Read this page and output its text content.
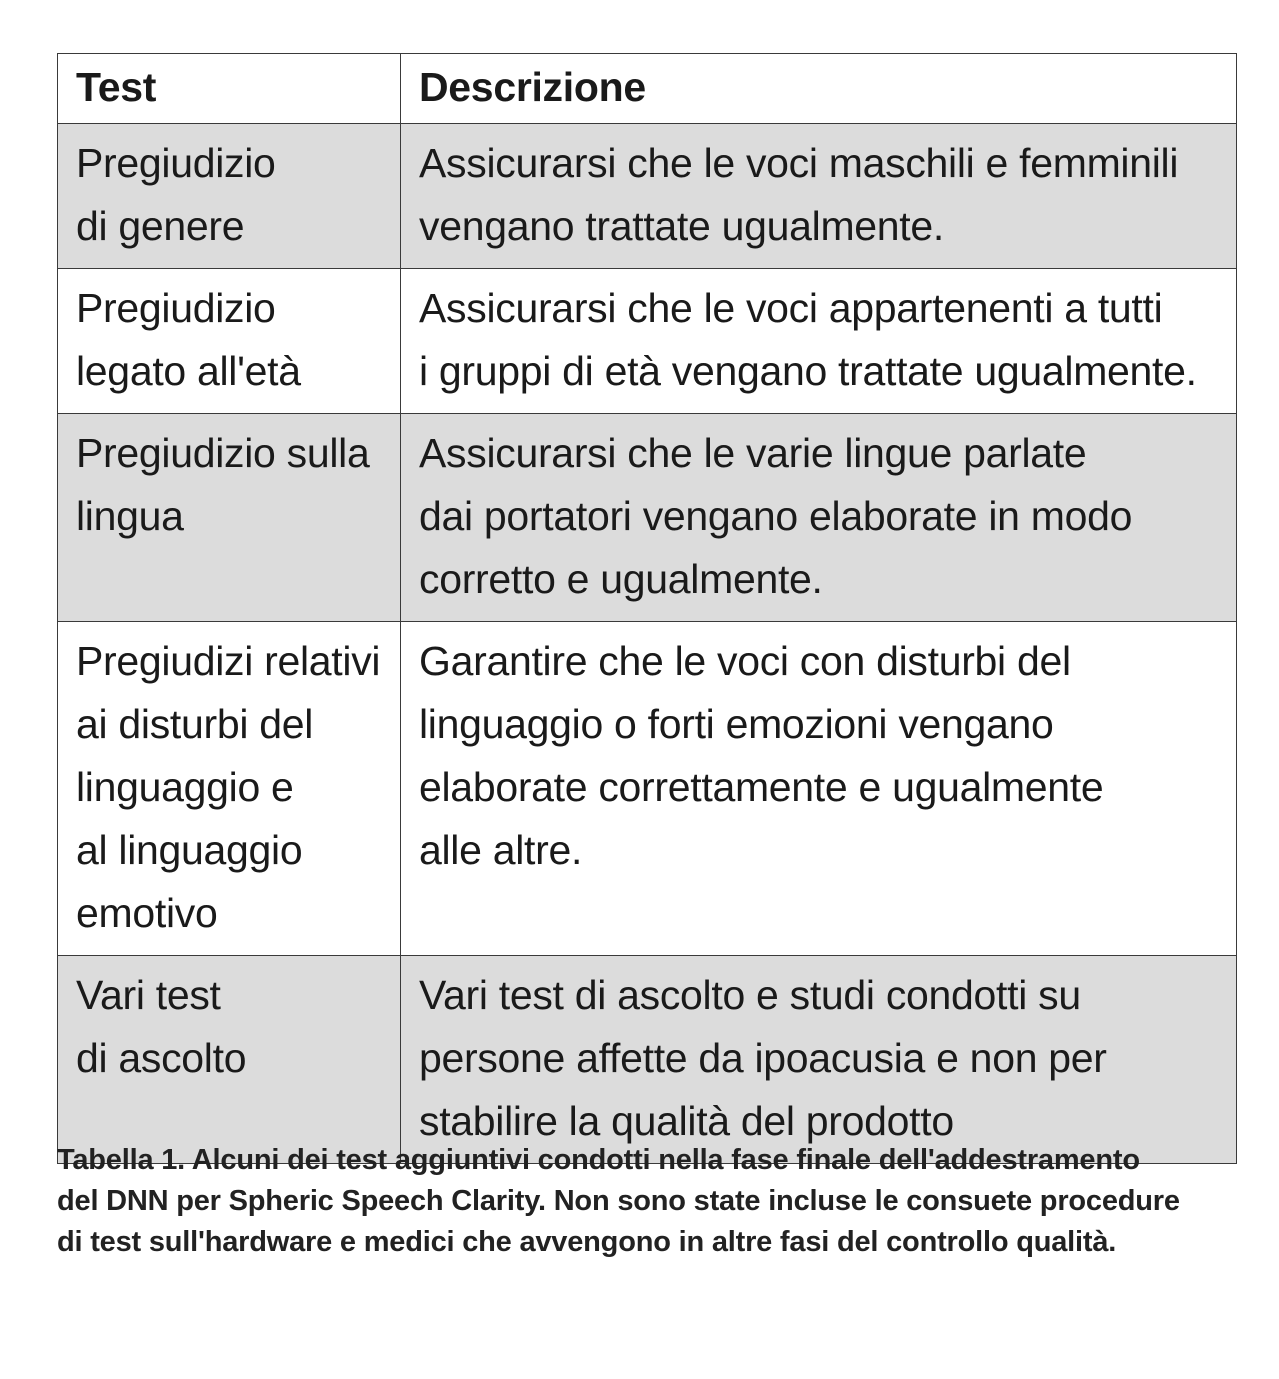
Test	Descrizione

Pregiudizio
di genere	Assicurarsi che le voci maschili e femminili
vengano trattate ugualmente.

Pregiudizio
legato all'età	Assicurarsi che le voci appartenenti a tutti
i gruppi di età vengano trattate ugualmente.

Pregiudizio sulla
lingua	Assicurarsi che le varie lingue parlate
dai portatori vengano elaborate in modo
corretto e ugualmente.

Pregiudizi relativi
ai disturbi del
linguaggio e
al linguaggio
emotivo	Garantire che le voci con disturbi del
linguaggio o forti emozioni vengano
elaborate correttamente e ugualmente
alle altre.

Vari test
di ascolto	Vari test di ascolto e studi condotti su
persone affette da ipoacusia e non per
stabilire la qualità del prodotto
Tabella 1. Alcuni dei test aggiuntivi condotti nella fase finale dell'addestramento
del DNN per Spheric Speech Clarity. Non sono state incluse le consuete procedure
di test sull'hardware e medici che avvengono in altre fasi del controllo qualità.
